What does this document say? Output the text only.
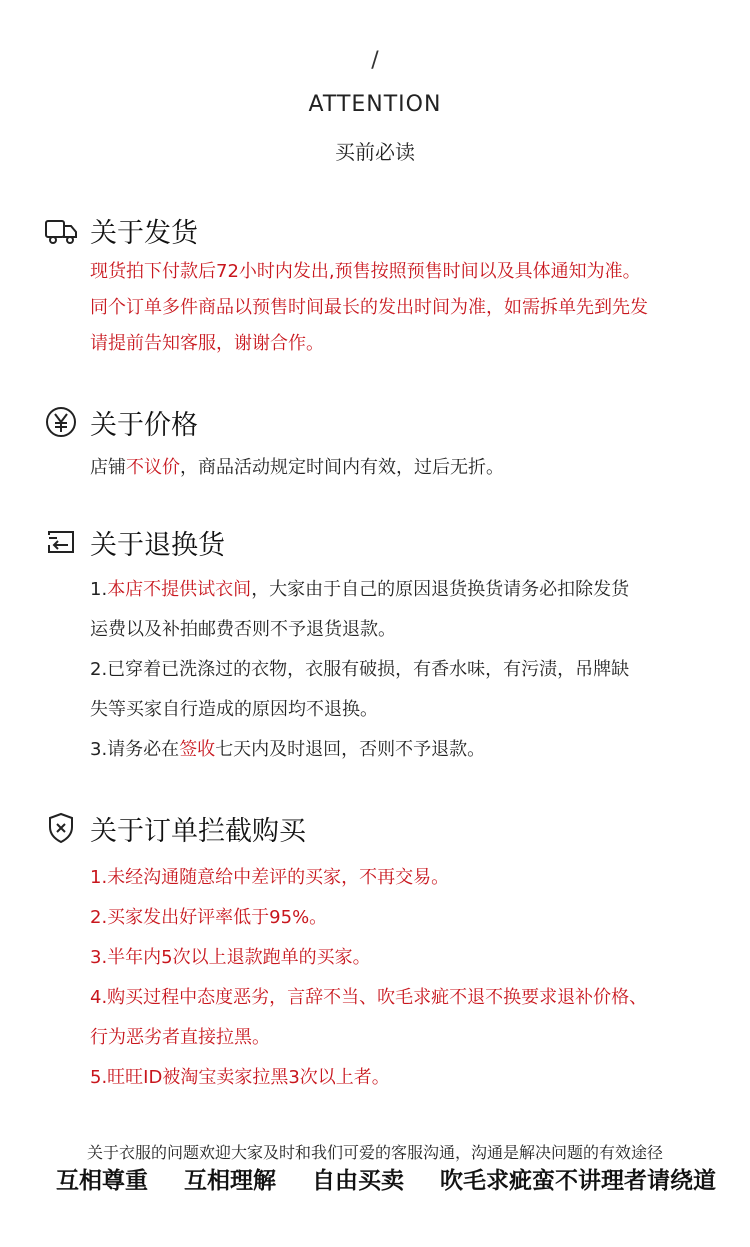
/
ATTENTION
买前必读
关于发货
现货拍下付款后72小时内发出,预售按照预售时间以及具体通知为准。
同个订单多件商品以预售时间最长的发出时间为准，如需拆单先到先发
请提前告知客服，谢谢合作。
关于价格
店铺不议价，商品活动规定时间内有效，过后无折。
关于退换货
1.本店不提供试衣间，大家由于自己的原因退货换货请务必扣除发货
运费以及补拍邮费否则不予退货退款。
2.已穿着已洗涤过的衣物，衣服有破损，有香水味，有污渍，吊牌缺
失等买家自行造成的原因均不退换。
3.请务必在签收七天内及时退回，否则不予退款。
关于订单拦截购买
1.未经沟通随意给中差评的买家，不再交易。
2.买家发出好评率低于95%。
3.半年内5次以上退款跑单的买家。
4.购买过程中态度恶劣，言辞不当、吹毛求疵不退不换要求退补价格、
行为恶劣者直接拉黑。
5.旺旺ID被淘宝卖家拉黑3次以上者。
关于衣服的问题欢迎大家及时和我们可爱的客服沟通，沟通是解决问题的有效途径
互相尊重 互相理解 自由买卖 吹毛求疵蛮不讲理者请绕道
